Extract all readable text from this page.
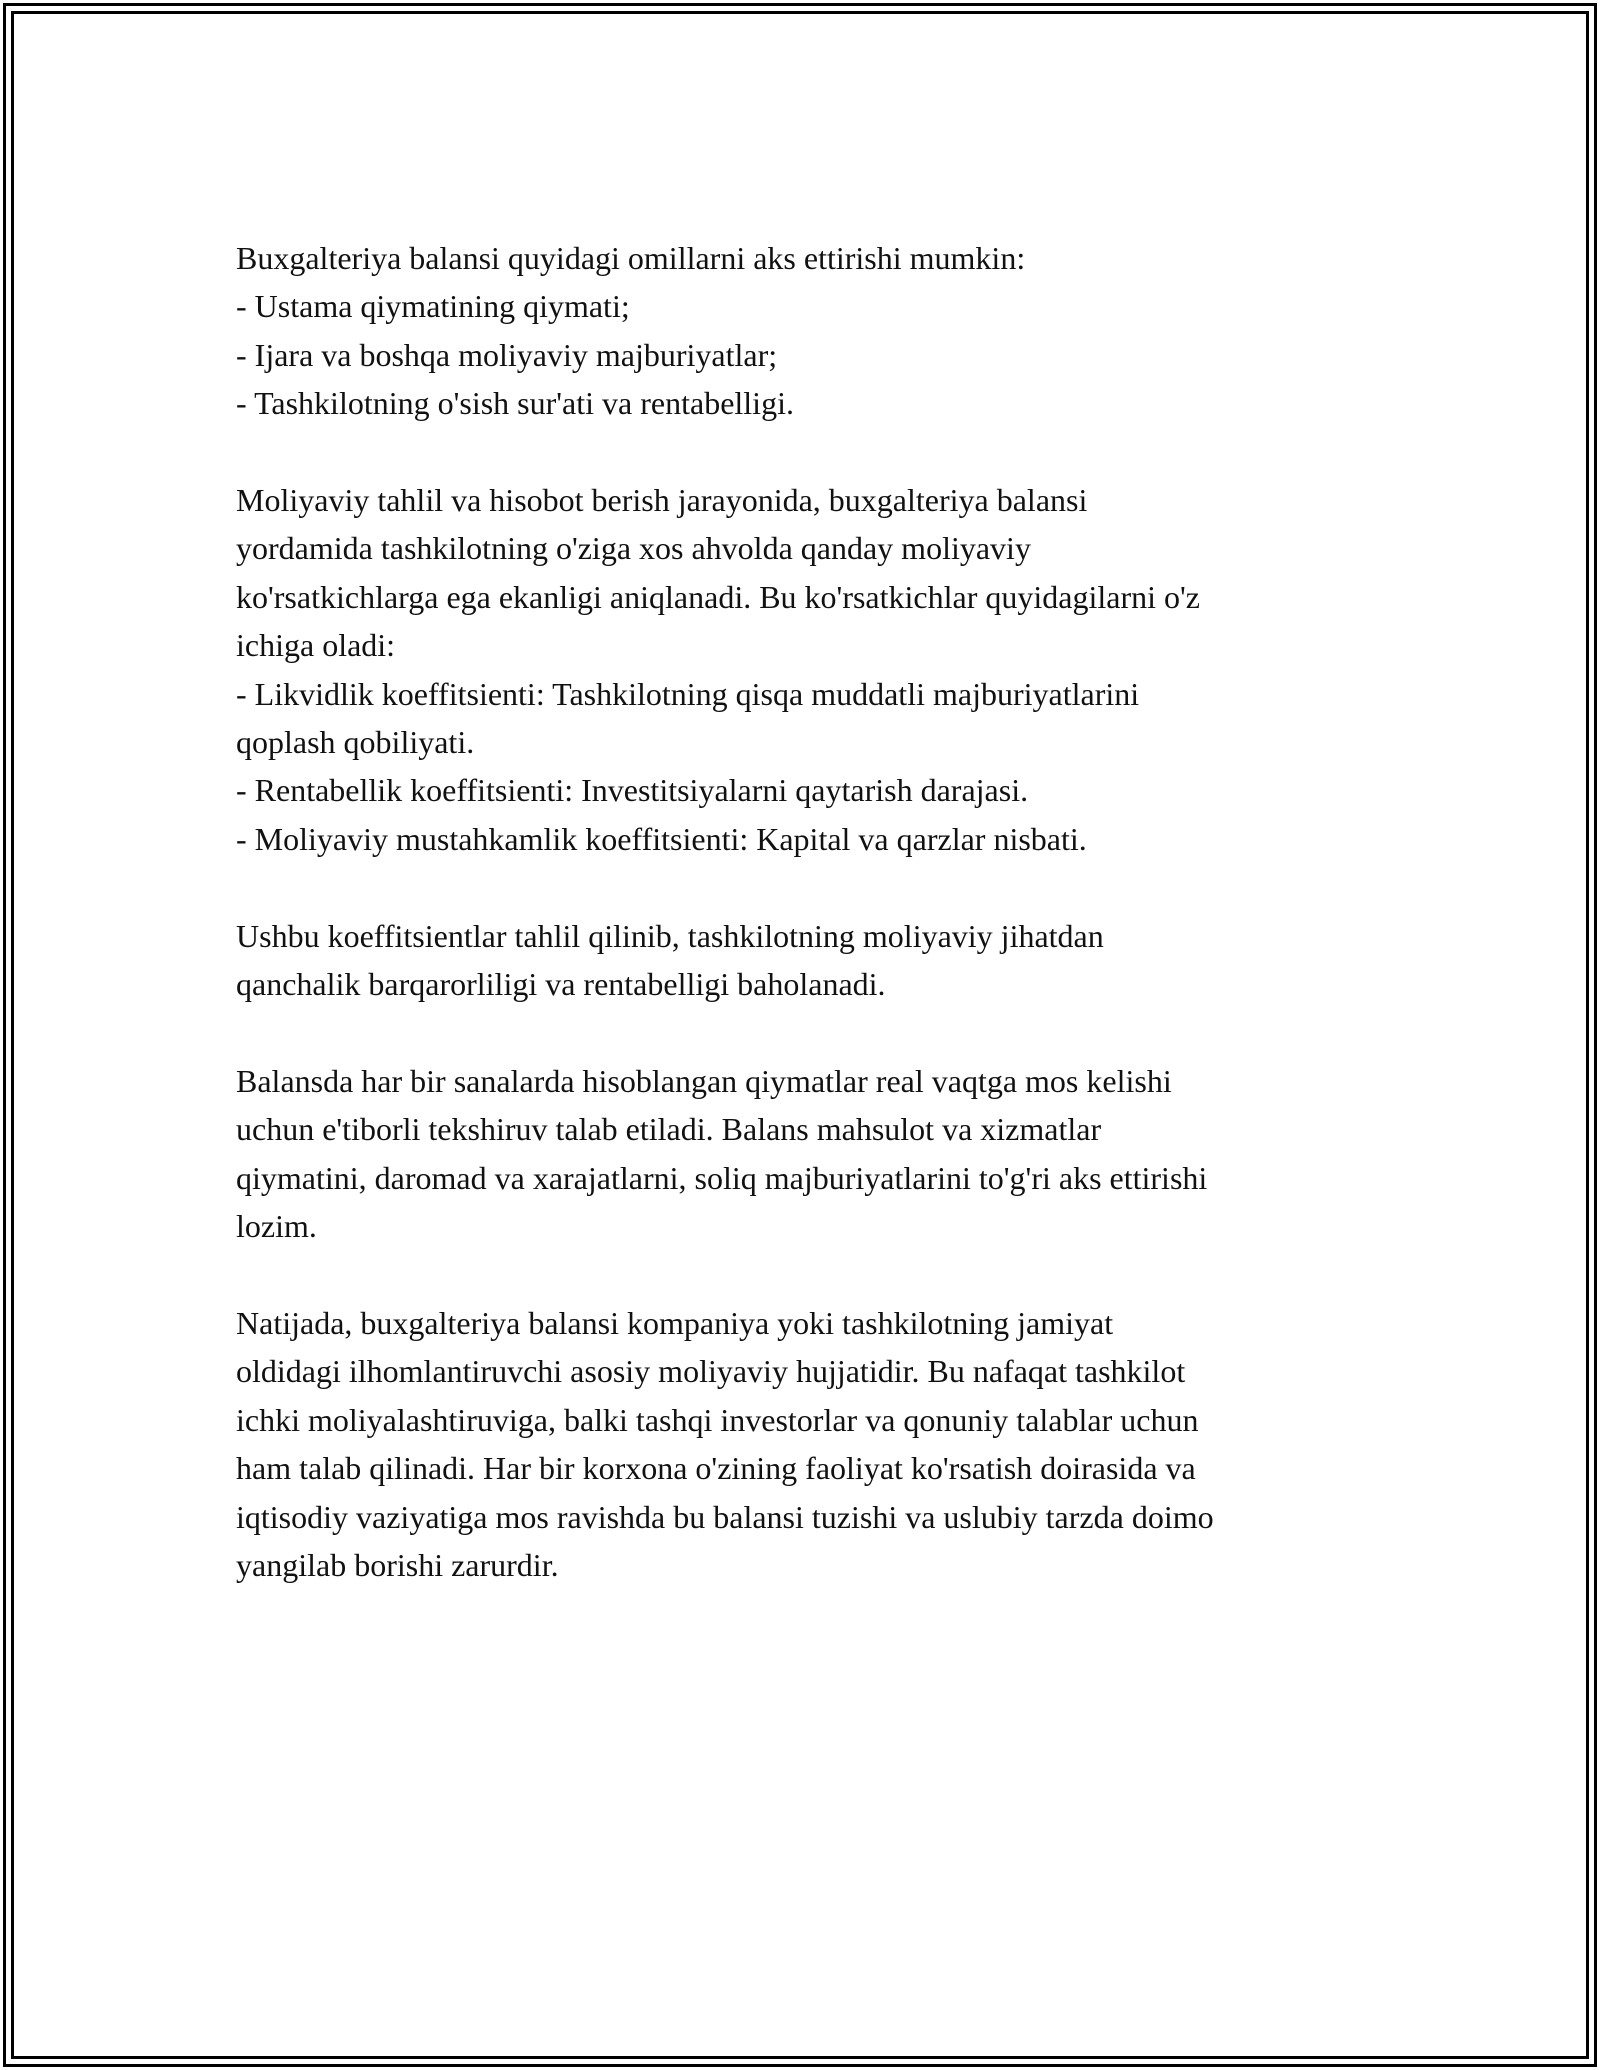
Buxgalteriya balansi quyidagi omillarni aks ettirishi mumkin:
- Ustama qiymatining qiymati;
- Ijara va boshqa moliyaviy majburiyatlar;
- Tashkilotning o'sish sur'ati va rentabelligi.
Moliyaviy tahlil va hisobot berish jarayonida, buxgalteriya balansi
yordamida tashkilotning o'ziga xos ahvolda qanday moliyaviy
ko'rsatkichlarga ega ekanligi aniqlanadi. Bu ko'rsatkichlar quyidagilarni o'z
ichiga oladi:
- Likvidlik koeffitsienti: Tashkilotning qisqa muddatli majburiyatlarini
qoplash qobiliyati.
- Rentabellik koeffitsienti: Investitsiyalarni qaytarish darajasi.
- Moliyaviy mustahkamlik koeffitsienti: Kapital va qarzlar nisbati.
Ushbu koeffitsientlar tahlil qilinib, tashkilotning moliyaviy jihatdan
qanchalik barqarorliligi va rentabelligi baholanadi.
Balansda har bir sanalarda hisoblangan qiymatlar real vaqtga mos kelishi
uchun e'tiborli tekshiruv talab etiladi. Balans mahsulot va xizmatlar
qiymatini, daromad va xarajatlarni, soliq majburiyatlarini to'g'ri aks ettirishi
lozim.
Natijada, buxgalteriya balansi kompaniya yoki tashkilotning jamiyat
oldidagi ilhomlantiruvchi asosiy moliyaviy hujjatidir. Bu nafaqat tashkilot
ichki moliyalashtiruviga, balki tashqi investorlar va qonuniy talablar uchun
ham talab qilinadi. Har bir korxona o'zining faoliyat ko'rsatish doirasida va
iqtisodiy vaziyatiga mos ravishda bu balansi tuzishi va uslubiy tarzda doimo
yangilab borishi zarurdir.
